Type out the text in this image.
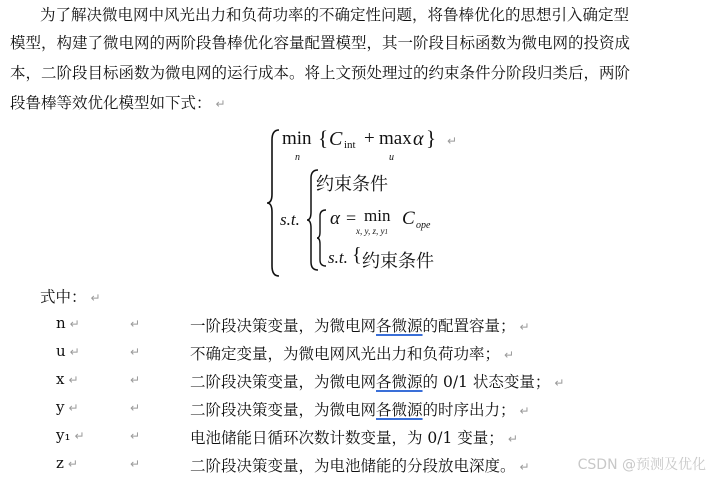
为了解决微电网中风光出力和负荷功率的不确定性问题，将鲁棒优化的思想引入确定型
模型，构建了微电网的两阶段鲁棒优化容量配置模型，其一阶段目标函数为微电网的投资成
本，二阶段目标函数为微电网的运行成本。将上文预处理过的约束条件分阶段归类后，两阶
段鲁棒等效优化模型如下式： ↵
min
n
{ C int + max
u
α } ↵
s.t.
约束条件
α = min
x, y, z, y1
C ope
s.t. { 约束条件
式中： ↵
n ↵	↵	一阶段决策变量，为微电网各微源的配置容量； ↵
u ↵	↵	不确定变量，为微电网风光出力和负荷功率； ↵
x ↵	↵	二阶段决策变量，为微电网各微源的 0/1 状态变量； ↵
y ↵	↵	二阶段决策变量，为微电网各微源的时序出力； ↵
y₁ ↵	↵	电池储能日循环次数计数变量，为 0/1 变量； ↵
z ↵	↵	二阶段决策变量，为电池储能的分段放电深度。 ↵	CSDN @预测及优化
